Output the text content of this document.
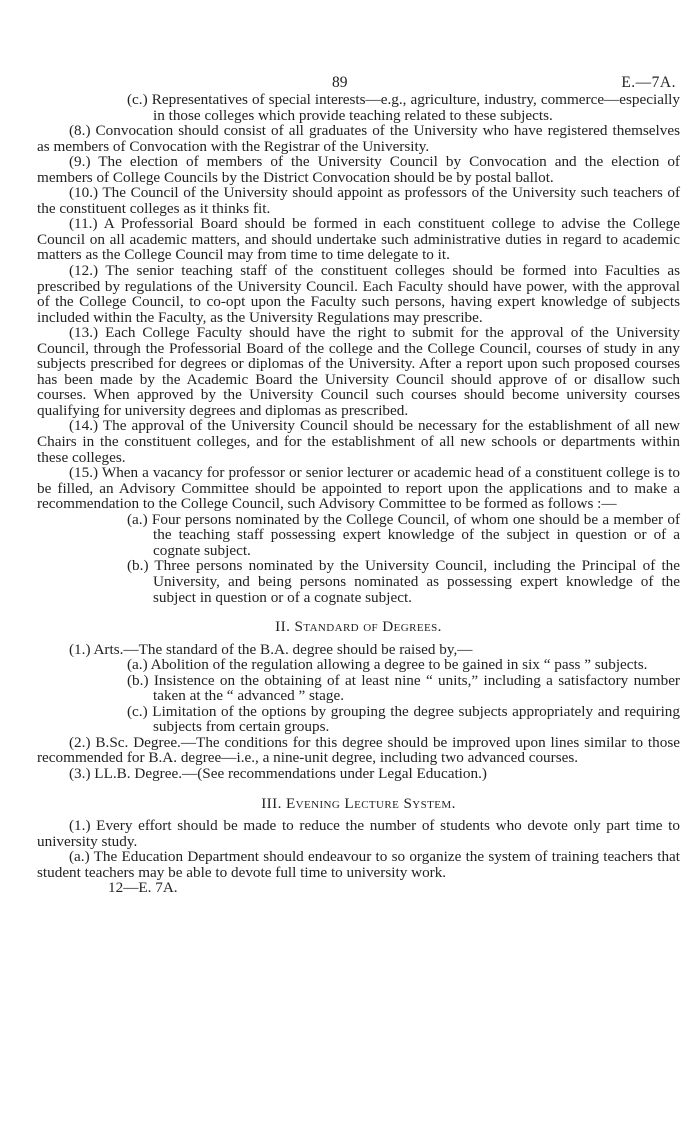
89	E.—7A.

(c.) Representatives of special interests—e.g., agriculture, industry, commerce—especially in those colleges which provide teaching related to these subjects.

(8.) Convocation should consist of all graduates of the University who have registered themselves as members of Convocation with the Registrar of the University.

(9.) The election of members of the University Council by Convocation and the election of members of College Councils by the District Convocation should be by postal ballot.

(10.) The Council of the University should appoint as professors of the University such teachers of the constituent colleges as it thinks fit.

(11.) A Professorial Board should be formed in each constituent college to advise the College Council on all academic matters, and should undertake such administrative duties in regard to academic matters as the College Council may from time to time delegate to it.

(12.) The senior teaching staff of the constituent colleges should be formed into Faculties as prescribed by regulations of the University Council. Each Faculty should have power, with the approval of the College Council, to co-opt upon the Faculty such persons, having expert knowledge of subjects included within the Faculty, as the University Regulations may prescribe.

(13.) Each College Faculty should have the right to submit for the approval of the University Council, through the Professorial Board of the college and the College Council, courses of study in any subjects prescribed for degrees or diplomas of the University. After a report upon such proposed courses has been made by the Academic Board the University Council should approve of or disallow such courses. When approved by the University Council such courses should become university courses qualifying for university degrees and diplomas as prescribed.

(14.) The approval of the University Council should be necessary for the establishment of all new Chairs in the constituent colleges, and for the establishment of all new schools or departments within these colleges.

(15.) When a vacancy for professor or senior lecturer or academic head of a constituent college is to be filled, an Advisory Committee should be appointed to report upon the applications and to make a recommendation to the College Council, such Advisory Committee to be formed as follows :—

(a.) Four persons nominated by the College Council, of whom one should be a member of the teaching staff possessing expert knowledge of the subject in question or of a cognate subject.

(b.) Three persons nominated by the University Council, including the Principal of the University, and being persons nominated as possessing expert knowledge of the subject in question or of a cognate subject.

II. Standard of Degrees.

(1.) Arts.—The standard of the B.A. degree should be raised by,—

(a.) Abolition of the regulation allowing a degree to be gained in six “ pass ” subjects.

(b.) Insistence on the obtaining of at least nine “ units,” including a satisfactory number taken at the “ advanced ” stage.

(c.) Limitation of the options by grouping the degree subjects appropriately and requiring subjects from certain groups.

(2.) B.Sc. Degree.—The conditions for this degree should be improved upon lines similar to those recommended for B.A. degree—i.e., a nine-unit degree, including two advanced courses.

(3.) LL.B. Degree.—(See recommendations under Legal Education.)

III. Evening Lecture System.

(1.) Every effort should be made to reduce the number of students who devote only part time to university study.

(a.) The Education Department should endeavour to so organize the system of training teachers that student teachers may be able to devote full time to university work.

12—E. 7A.
